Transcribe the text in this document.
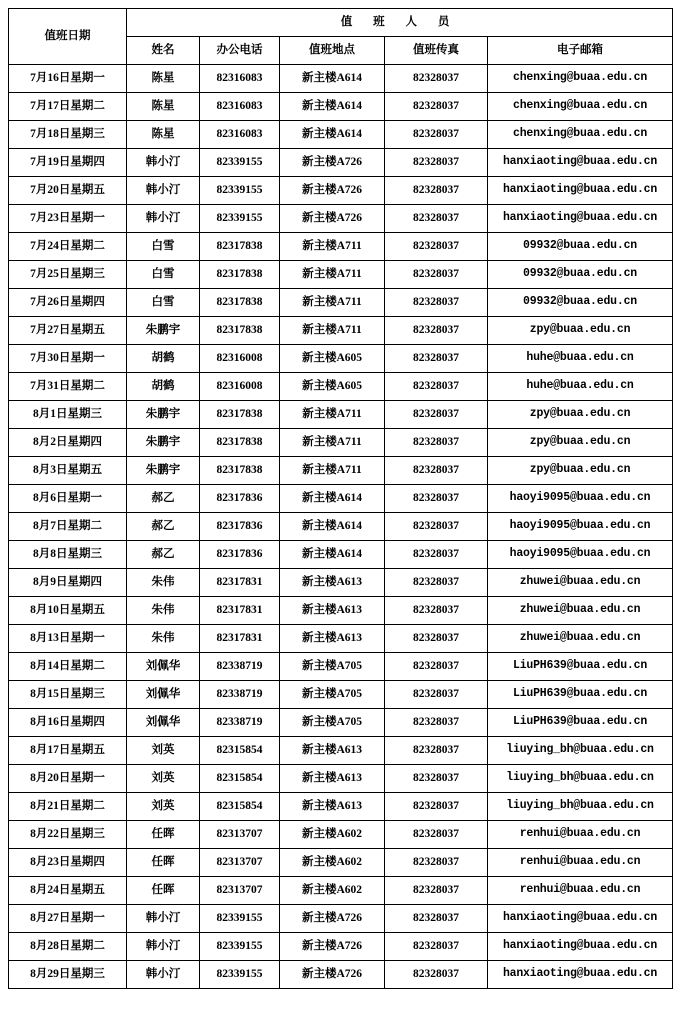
值班日期	值 班 人 员				
	姓名	办公电话	值班地点	值班传真	电子邮箱
7月16日星期一	陈星	82316083	新主楼A614	82328037	chenxing@buaa.edu.cn
7月17日星期二	陈星	82316083	新主楼A614	82328037	chenxing@buaa.edu.cn
7月18日星期三	陈星	82316083	新主楼A614	82328037	chenxing@buaa.edu.cn
7月19日星期四	韩小汀	82339155	新主楼A726	82328037	hanxiaoting@buaa.edu.cn
7月20日星期五	韩小汀	82339155	新主楼A726	82328037	hanxiaoting@buaa.edu.cn
7月23日星期一	韩小汀	82339155	新主楼A726	82328037	hanxiaoting@buaa.edu.cn
7月24日星期二	白雪	82317838	新主楼A711	82328037	09932@buaa.edu.cn
7月25日星期三	白雪	82317838	新主楼A711	82328037	09932@buaa.edu.cn
7月26日星期四	白雪	82317838	新主楼A711	82328037	09932@buaa.edu.cn
7月27日星期五	朱鹏宇	82317838	新主楼A711	82328037	zpy@buaa.edu.cn
7月30日星期一	胡鹤	82316008	新主楼A605	82328037	huhe@buaa.edu.cn
7月31日星期二	胡鹤	82316008	新主楼A605	82328037	huhe@buaa.edu.cn
8月1日星期三	朱鹏宇	82317838	新主楼A711	82328037	zpy@buaa.edu.cn
8月2日星期四	朱鹏宇	82317838	新主楼A711	82328037	zpy@buaa.edu.cn
8月3日星期五	朱鹏宇	82317838	新主楼A711	82328037	zpy@buaa.edu.cn
8月6日星期一	郝乙	82317836	新主楼A614	82328037	haoyi9095@buaa.edu.cn
8月7日星期二	郝乙	82317836	新主楼A614	82328037	haoyi9095@buaa.edu.cn
8月8日星期三	郝乙	82317836	新主楼A614	82328037	haoyi9095@buaa.edu.cn
8月9日星期四	朱伟	82317831	新主楼A613	82328037	zhuwei@buaa.edu.cn
8月10日星期五	朱伟	82317831	新主楼A613	82328037	zhuwei@buaa.edu.cn
8月13日星期一	朱伟	82317831	新主楼A613	82328037	zhuwei@buaa.edu.cn
8月14日星期二	刘佩华	82338719	新主楼A705	82328037	LiuPH639@buaa.edu.cn
8月15日星期三	刘佩华	82338719	新主楼A705	82328037	LiuPH639@buaa.edu.cn
8月16日星期四	刘佩华	82338719	新主楼A705	82328037	LiuPH639@buaa.edu.cn
8月17日星期五	刘英	82315854	新主楼A613	82328037	liuying_bh@buaa.edu.cn
8月20日星期一	刘英	82315854	新主楼A613	82328037	liuying_bh@buaa.edu.cn
8月21日星期二	刘英	82315854	新主楼A613	82328037	liuying_bh@buaa.edu.cn
8月22日星期三	任晖	82313707	新主楼A602	82328037	renhui@buaa.edu.cn
8月23日星期四	任晖	82313707	新主楼A602	82328037	renhui@buaa.edu.cn
8月24日星期五	任晖	82313707	新主楼A602	82328037	renhui@buaa.edu.cn
8月27日星期一	韩小汀	82339155	新主楼A726	82328037	hanxiaoting@buaa.edu.cn
8月28日星期二	韩小汀	82339155	新主楼A726	82328037	hanxiaoting@buaa.edu.cn
8月29日星期三	韩小汀	82339155	新主楼A726	82328037	hanxiaoting@buaa.edu.cn
